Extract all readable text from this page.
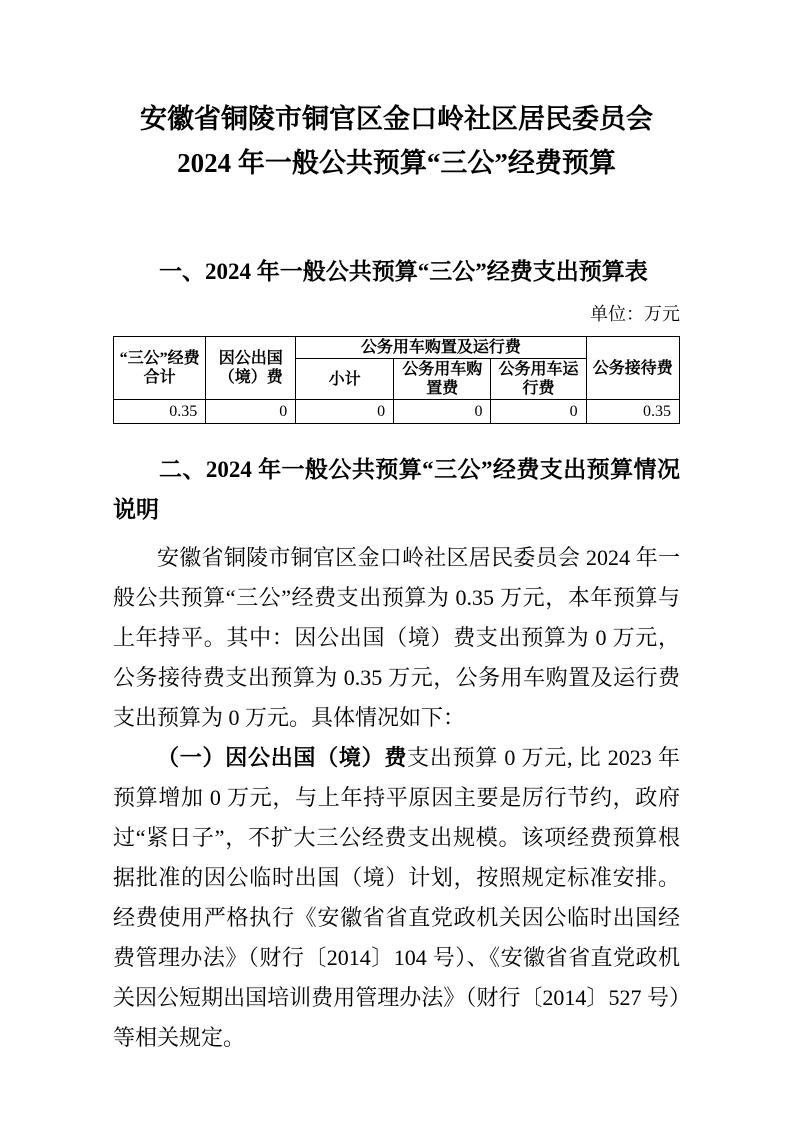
安徽省铜陵市铜官区金口岭社区居民委员会
2024 年一般公共预算“三公”经费预算

一、2024 年一般公共预算“三公”经费支出预算表

单位：万元

“三公”经费合计	因公出国（境）费	公务用车购置及运行费			公务接待费
		小计	公务用车购置费	公务用车运行费	
0.35	0	0	0	0	0.35

二、2024 年一般公共预算“三公”经费支出预算情况说明

安徽省铜陵市铜官区金口岭社区居民委员会 2024 年一般公共预算“三公”经费支出预算为 0.35 万元，本年预算与上年持平。其中：因公出国（境）费支出预算为 0 万元，公务接待费支出预算为 0.35 万元，公务用车购置及运行费支出预算为 0 万元。具体情况如下：

（一）因公出国（境）费支出预算 0 万元, 比 2023 年预算增加 0 万元，与上年持平原因主要是厉行节约，政府过“紧日子”，不扩大三公经费支出规模。该项经费预算根据批准的因公临时出国（境）计划，按照规定标准安排。经费使用严格执行《安徽省省直党政机关因公临时出国经费管理办法》（财行〔2014〕104 号）、《安徽省省直党政机关因公短期出国培训费用管理办法》（财行〔2014〕527 号）等相关规定。
